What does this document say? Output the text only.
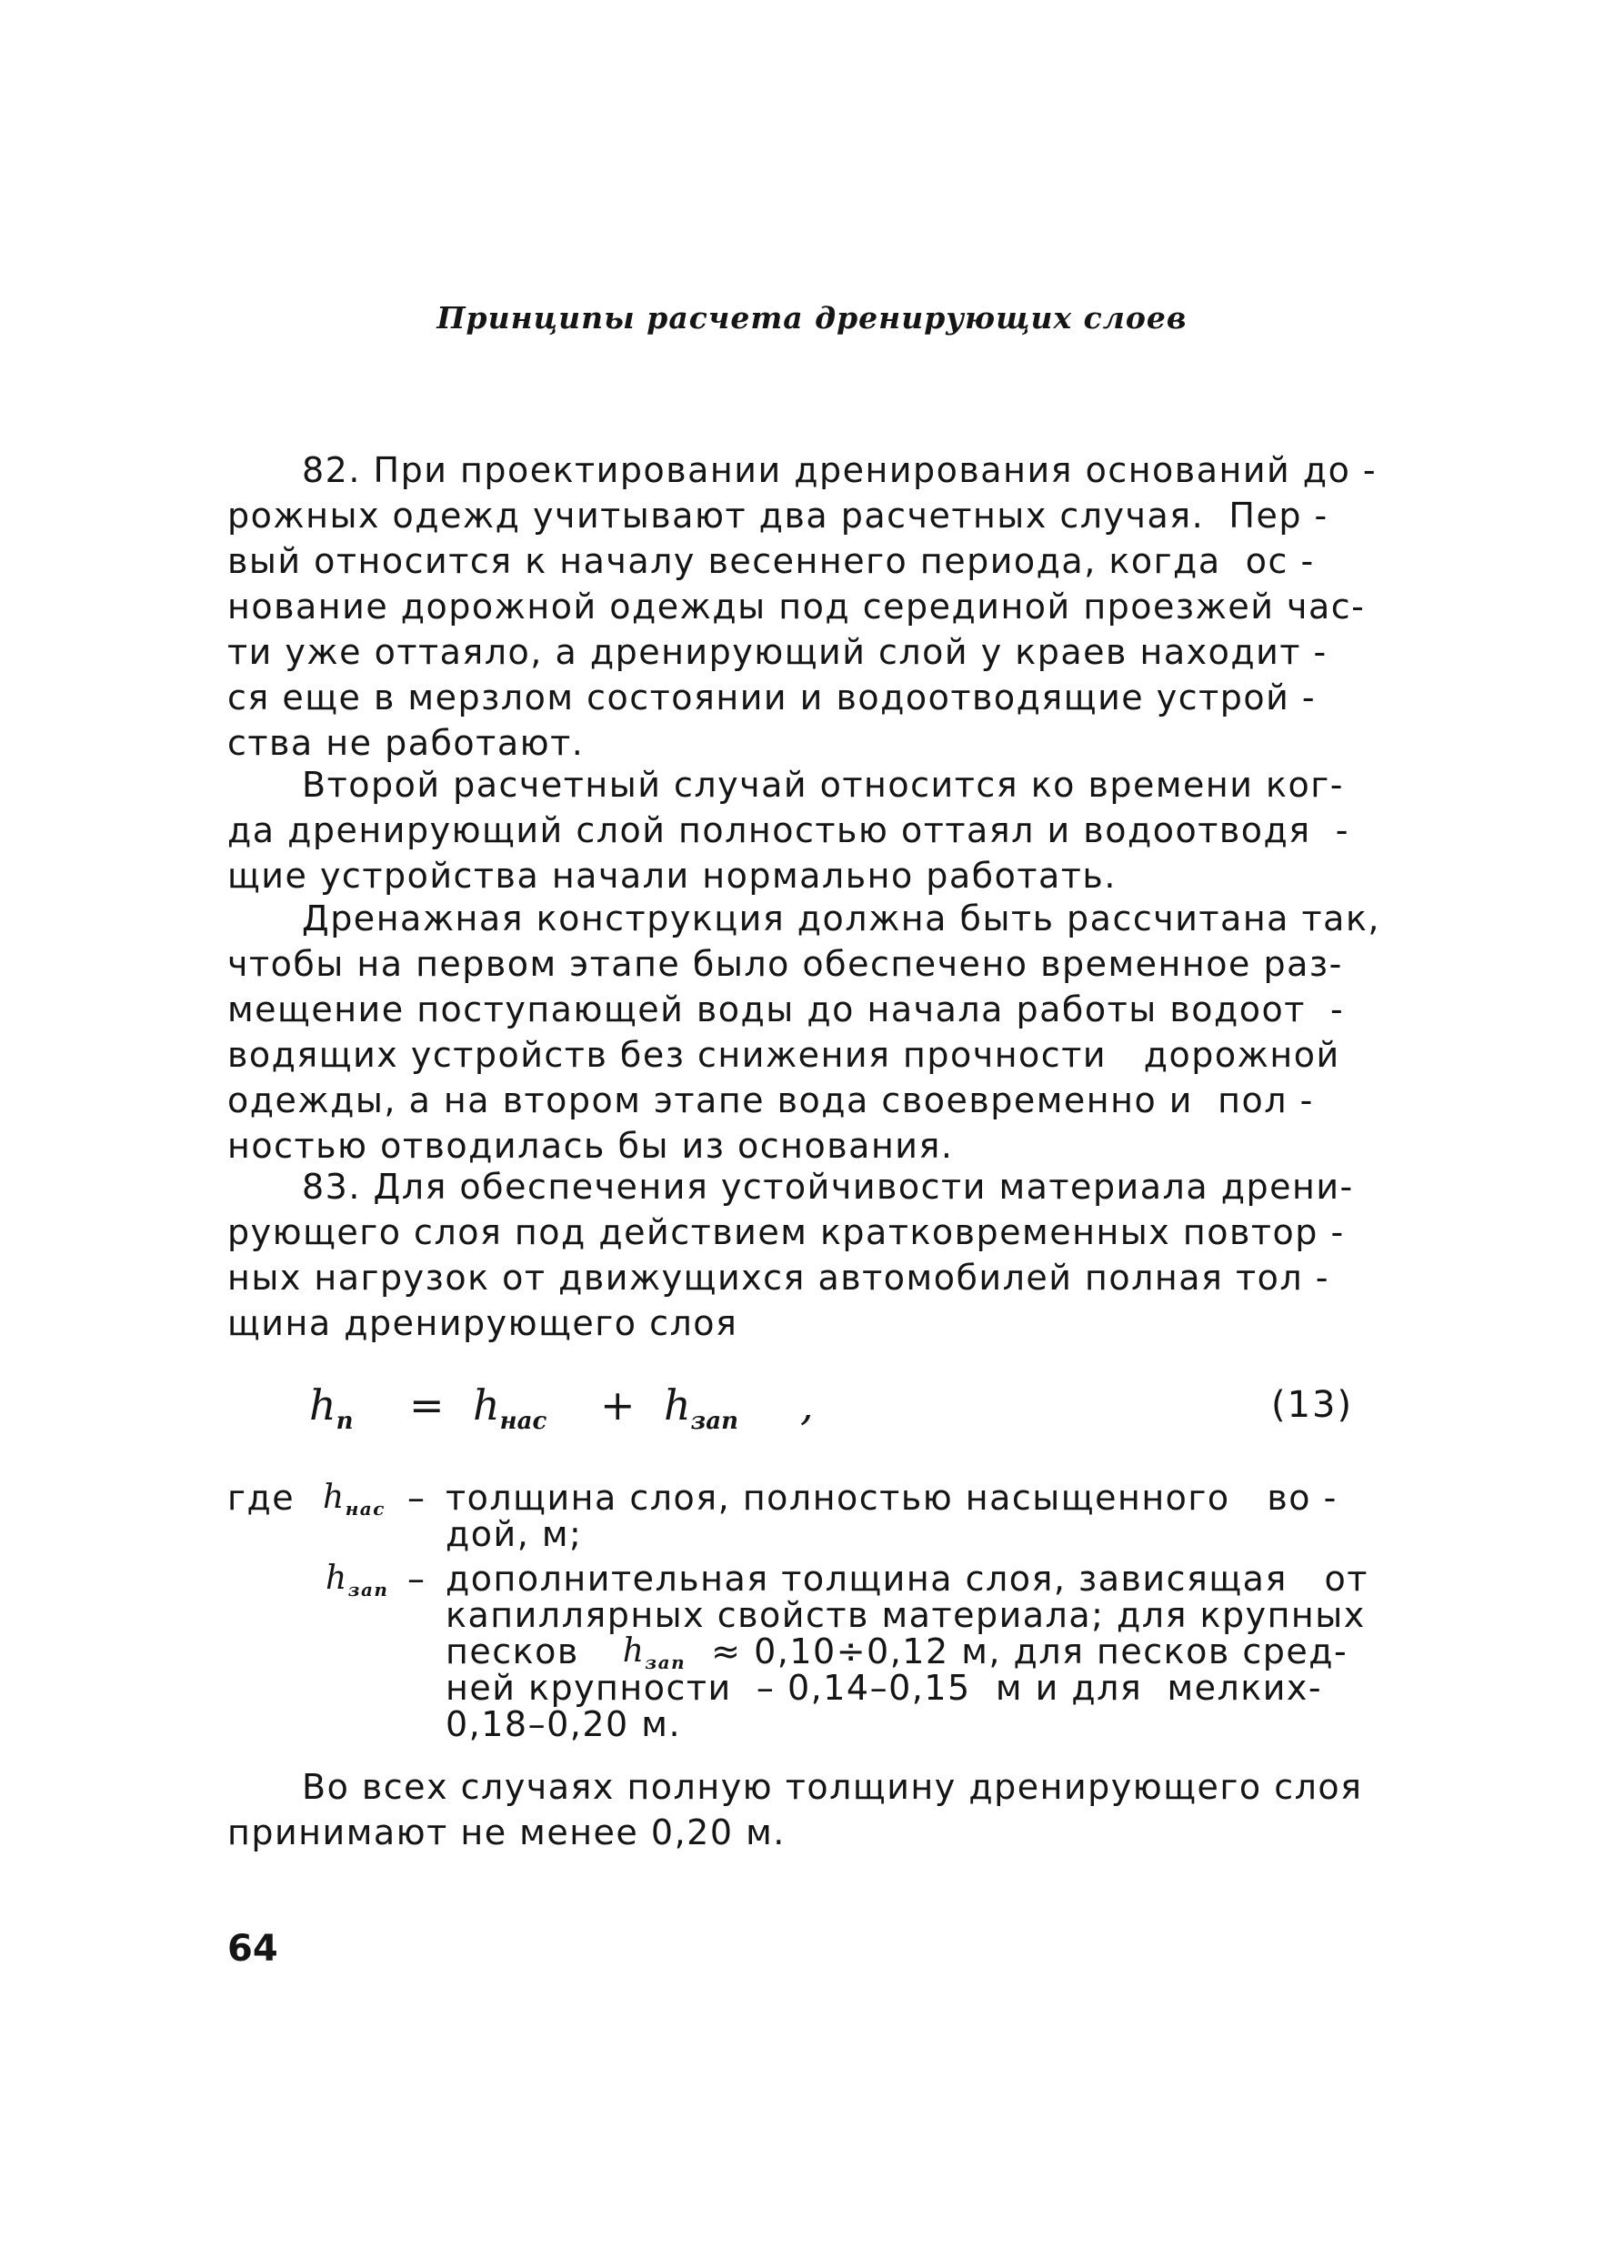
Принципы расчета дренирующих слоев
82. При проектировании дренирования оснований до -
рожных одежд учитывают два расчетных случая.  Пер -
вый относится к началу весеннего периода, когда  ос -
нование дорожной одежды под серединой проезжей час-
ти уже оттаяло, а дренирующий слой у краев находит -
ся еще в мерзлом состоянии и водоотводящие устрой -
ства не работают.
Второй расчетный случай относится ко времени ког-
да дренирующий слой полностью оттаял и водоотводя  -
щие устройства начали нормально работать.
Дренажная конструкция должна быть рассчитана так,
чтобы на первом этапе было обеспечено временное раз-
мещение поступающей воды до начала работы водоот  -
водящих устройств без снижения прочности   дорожной
одежды, а на втором этапе вода своевременно и  пол -
ностью отводилась бы из основания.
83. Для обеспечения устойчивости материала дрени-
рующего слоя под действием кратковременных повтор -
ных нагрузок от движущихся автомобилей полная тол -
щина дренирующего слоя
$h_п = h_{нас} + h_{зап}$ ,	(13)
где $h_{нас}$ – толщина слоя, полностью насыщенного   во -
дой, м;
$h_{зап}$ – дополнительная толщина слоя, зависящая   от
капиллярных свойств материала; для крупных
песков $h_{зап} \approx 0,10\div 0,12$ м, для песков сред-
ней крупности  – 0,14–0,15  м и для  мелких-
0,18–0,20 м.
Во всех случаях полную толщину дренирующего слоя
принимают не менее 0,20 м.
64
